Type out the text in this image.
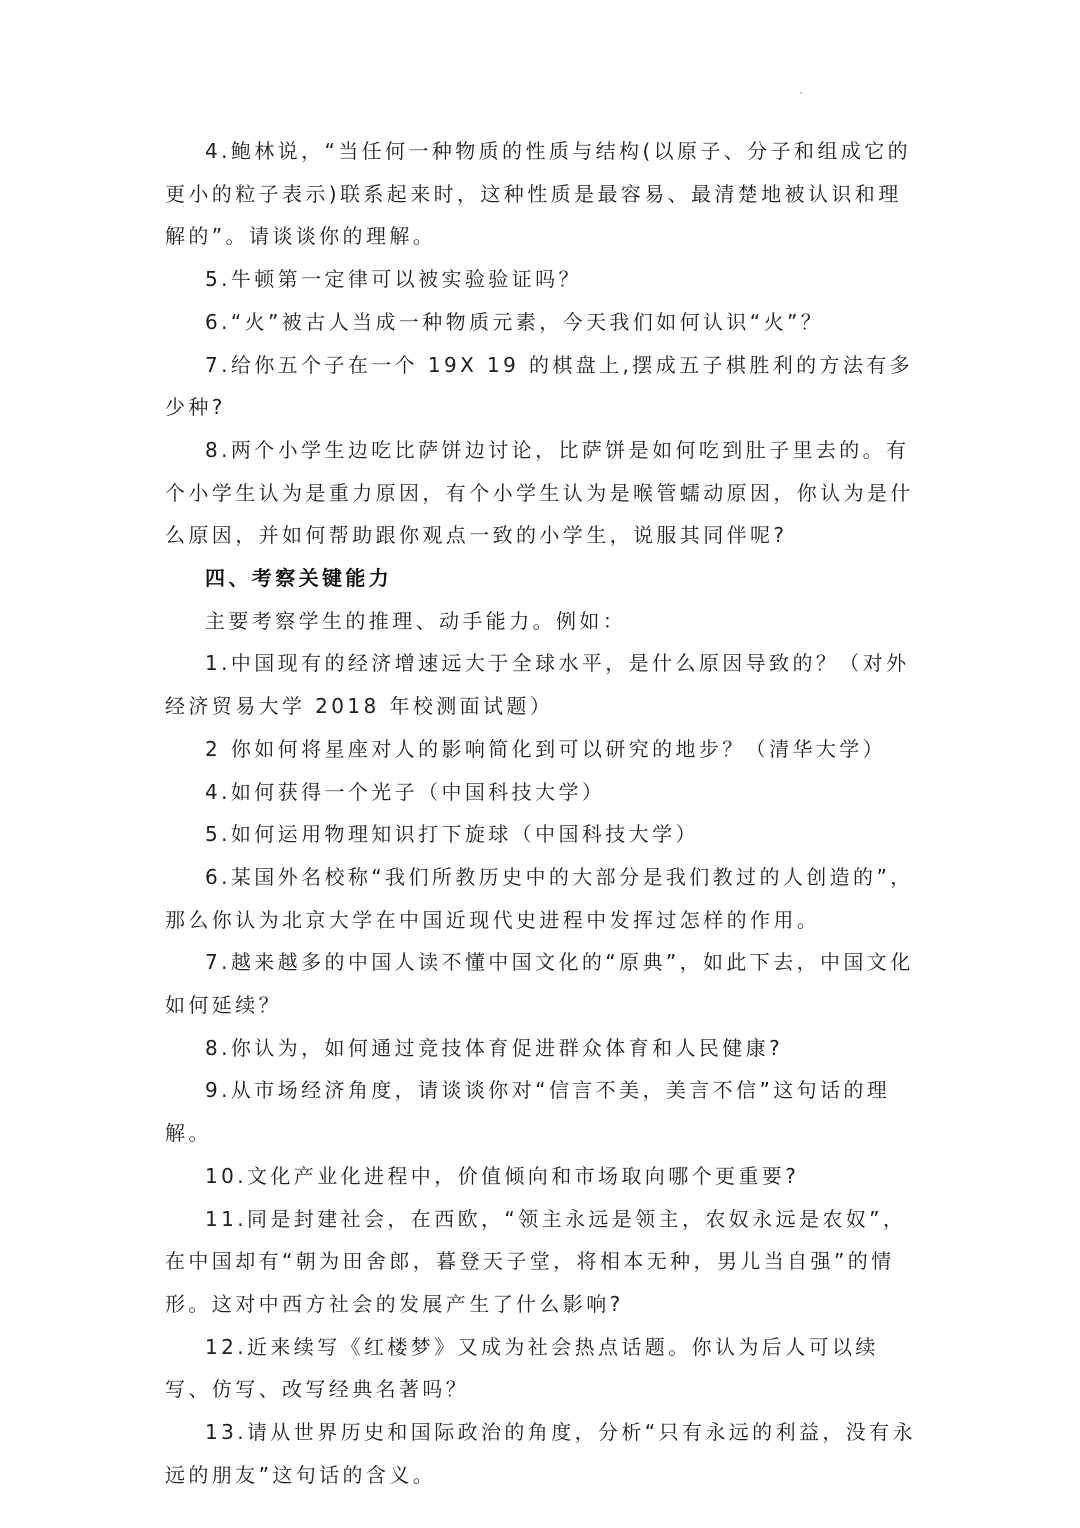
4.鲍林说，“当任何一种物质的性质与结构(以原子、分子和组成它的更小的粒子表示)联系起来时，这种性质是最容易、最清楚地被认识和理解的”。请谈谈你的理解。

5.牛顿第一定律可以被实验验证吗？

6.“火”被古人当成一种物质元素，今天我们如何认识“火”？

7.给你五个子在一个 19X 19 的棋盘上,摆成五子棋胜利的方法有多少种?

8.两个小学生边吃比萨饼边讨论，比萨饼是如何吃到肚子里去的。有个小学生认为是重力原因，有个小学生认为是喉管蠕动原因，你认为是什么原因，并如何帮助跟你观点一致的小学生，说服其同伴呢?

四、考察关键能力

主要考察学生的推理、动手能力。例如：

1.中国现有的经济增速远大于全球水平，是什么原因导致的？（对外经济贸易大学 2018 年校测面试题）

2 你如何将星座对人的影响简化到可以研究的地步？（清华大学）

4.如何获得一个光子（中国科技大学）

5.如何运用物理知识打下旋球（中国科技大学）

6.某国外名校称“我们所教历史中的大部分是我们教过的人创造的”，那么你认为北京大学在中国近现代史进程中发挥过怎样的作用。

7.越来越多的中国人读不懂中国文化的“原典”，如此下去，中国文化如何延续？

8.你认为，如何通过竞技体育促进群众体育和人民健康?

9.从市场经济角度，请谈谈你对“信言不美，美言不信”这句话的理解。

10.文化产业化进程中，价值倾向和市场取向哪个更重要?

11.同是封建社会，在西欧，“领主永远是领主，农奴永远是农奴”，在中国却有“朝为田舍郎，暮登天子堂，将相本无种，男儿当自强”的情形。这对中西方社会的发展产生了什么影响?

12.近来续写《红楼梦》又成为社会热点话题。你认为后人可以续写、仿写、改写经典名著吗？

13.请从世界历史和国际政治的角度，分析“只有永远的利益，没有永远的朋友”这句话的含义。
